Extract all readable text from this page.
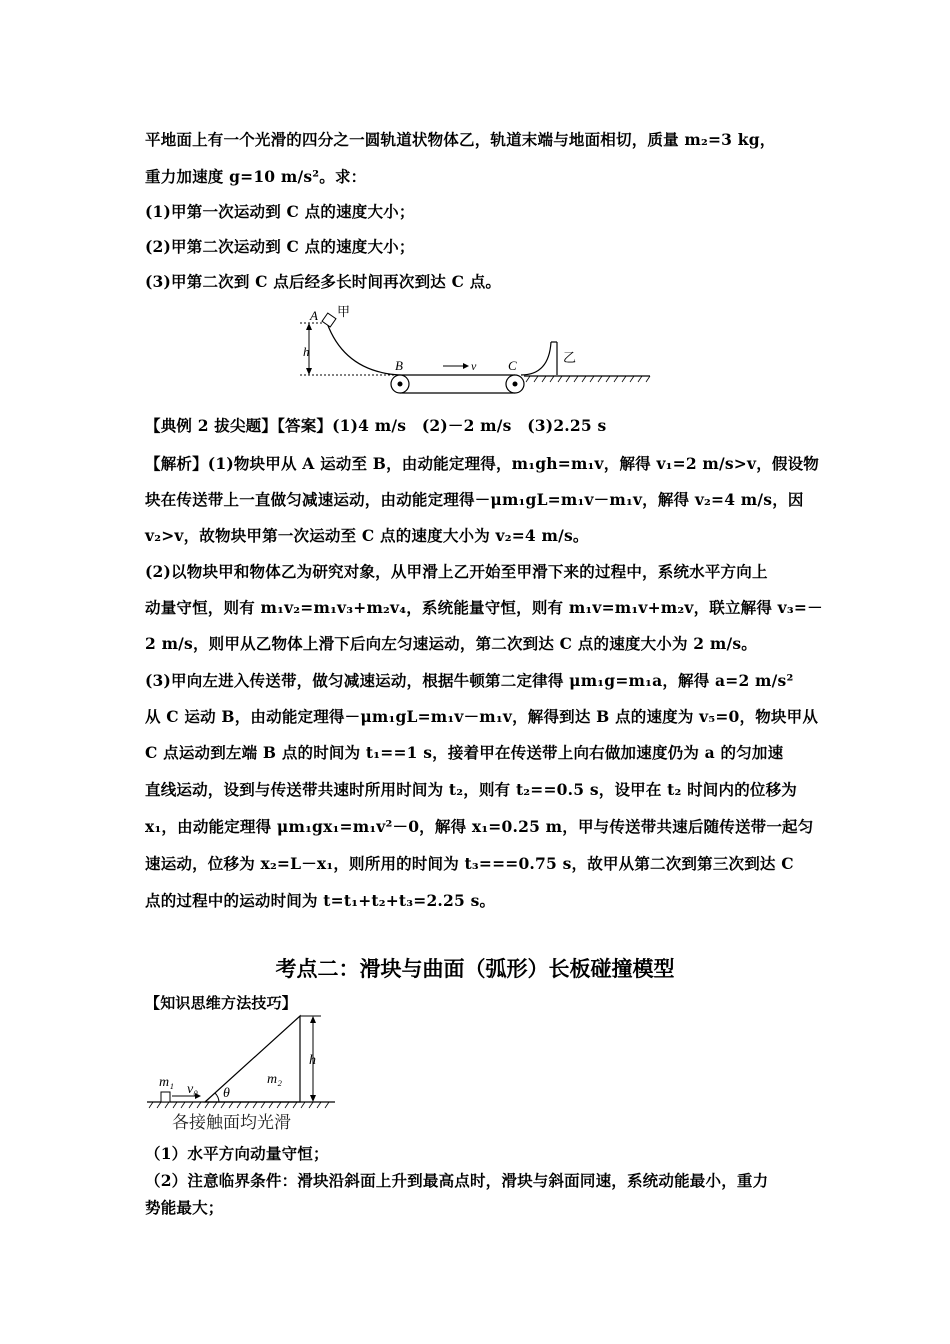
平地面上有一个光滑的四分之一圆轨道状物体乙，轨道末端与地面相切，质量 m₂=3 kg，
重力加速度 g=10 m/s²。求：
(1)甲第一次运动到 C 点的速度大小；
(2)甲第二次运动到 C 点的速度大小；
(3)甲第二次到 C 点后经多长时间再次到达 C 点。
h
A 甲
B	C
v
乙
【典例 2 拔尖题】【答案】(1)4 m/s　(2)－2 m/s　(3)2.25 s
【解析】(1)物块甲从 A 运动至 B，由动能定理得，m₁gh=m₁v，解得 v₁=2 m/s>v，假设物
块在传送带上一直做匀减速运动，由动能定理得－μm₁gL=m₁v－m₁v，解得 v₂=4 m/s，因
v₂>v，故物块甲第一次运动至 C 点的速度大小为 v₂=4 m/s。
(2)以物块甲和物体乙为研究对象，从甲滑上乙开始至甲滑下来的过程中，系统水平方向上
动量守恒，则有 m₁v₂=m₁v₃+m₂v₄，系统能量守恒，则有 m₁v=m₁v+m₂v，联立解得 v₃=－
2 m/s，则甲从乙物体上滑下后向左匀速运动，第二次到达 C 点的速度大小为 2 m/s。
(3)甲向左进入传送带，做匀减速运动，根据牛顿第二定律得 μm₁g=m₁a，解得 a=2 m/s²
从 C 运动 B，由动能定理得－μm₁gL=m₁v－m₁v，解得到达 B 点的速度为 v₅=0，物块甲从
C 点运动到左端 B 点的时间为 t₁==1 s，接着甲在传送带上向右做加速度仍为 a 的匀加速
直线运动，设到与传送带共速时所用时间为 t₂，则有 t₂==0.5 s，设甲在 t₂ 时间内的位移为
x₁，由动能定理得 μm₁gx₁=m₁v²－0，解得 x₁=0.25 m，甲与传送带共速后随传送带一起匀
速运动，位移为 x₂=L－x₁，则所用的时间为 t₃===0.75 s，故甲从第二次到第三次到达 C
点的过程中的运动时间为 t=t₁+t₂+t₃=2.25 s。
考点二：滑块与曲面（弧形）长板碰撞模型
【知识思维方法技巧】
θ
m₂
h
m₁ v₀
各接触面均光滑
（1）水平方向动量守恒；
（2）注意临界条件：滑块沿斜面上升到最高点时，滑块与斜面同速，系统动能最小，重力
势能最大；
